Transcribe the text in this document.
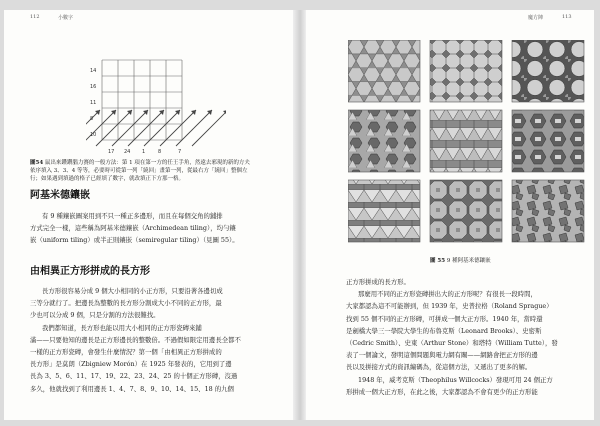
112	小數字
14
16
11
8
10
17 24 1	8	7
圖54 鼠出來鑽鑽腦力賽的一般方法：第 1 項在第一方的任王手角，然遠去邪現的新的方夫
依序填入 3、3、4 等等，必要時可從第一列「繞回」畫第一列，從最右方「繞回」整個左
行；如果遇到填過的格子已經填了數字，就改填正下方那一格。
阿基米德鑲嵌
有 9 種鑲嵌圖案用到不只一種正多邊形，而且在每個交角的鋪排
方式完全一樣，這些稱為阿基米德鑲嵌（Archimedean tiling），均勻鑲
嵌（uniform tiling）或半正則鑲嵌（semiregular tiling）（見圖 55）。
由相異正方形拼成的長方形
長方形很容易分成 9 個大小相同的小正方形，只要沿著各邊切成
三等分就行了。把邊長為整數的長方形分割成大小不同的正方形，最
少也可以分成 9 個，只是分割的方法很難找。
我們都知道，長方形也能以用大小相同的正方形瓷磚來鋪
滿——只要他知的邊長是正方形邊長的整數倍。不過假如限定用邊長全都不
一樣的正方形瓷磚，會發生什麼情況？第一個「由相異正方形拼成的
長方形」是莫朗（Zbigniew Morón）在 1925 年發表的，它用到了邊
長為 3、5、6、11、17、19、22、23、24、25 的十個正方形磚，沒過
多久，他就找到了利用邊長 1、4、7、8、9、10、14、15、18 的九個
魔方陣	113
圖 55 9 種阿基米德鑲嵌
正方形拼成的長方形。
那麼用不同的正方形瓷磚拼出大的正方形呢？有很長一段時間，
大家都認為這不可能辦到，但 1939 年，史普拉格（Roland Sprague）
找到 55 個不同的正方形磚，可拼成一個大正方形。1940 年，當時還
是劍橋大學三一學院大學生的布魯克斯（Leonard Brooks）、史密斯
（Cedric Smith）、史東（Arthur Stone）和塔特（William Tutte），發
表了一個論文，發明這個問題與電力網有關——網路會把正方形的邊
長以及拼接方式的資訊編碼為，從這個方法，又遞出了更多的解。
1948 年，威考克斯（Theophilus Willcocks）發現可用 24 個正方
形拼成一個大正方形，在此之後，大家都認為不會有更少的正方形能
